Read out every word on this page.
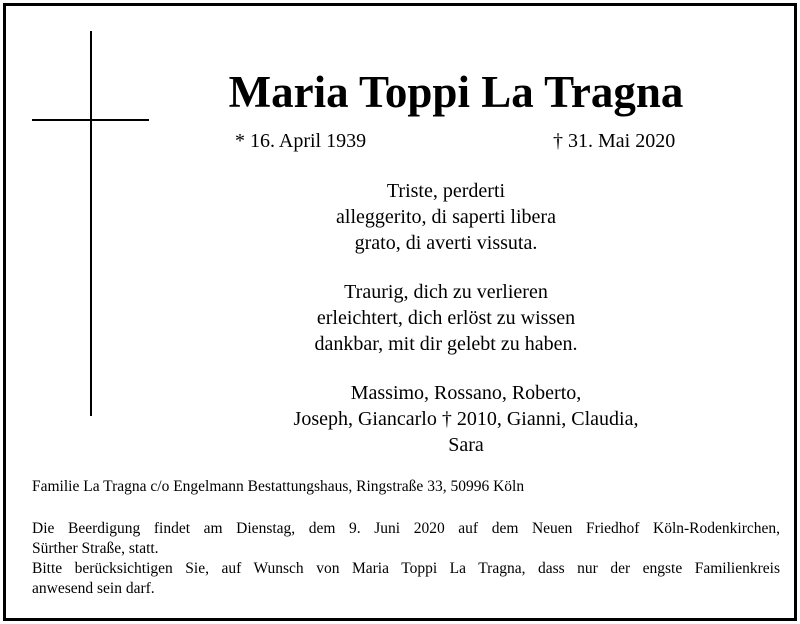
Maria Toppi La Tragna
* 16. April 1939	† 31. Mai 2020
Triste, perderti
alleggerito, di saperti libera
grato, di averti vissuta.
Traurig, dich zu verlieren
erleichtert, dich erlöst zu wissen
dankbar, mit dir gelebt zu haben.
Massimo, Rossano, Roberto,
Joseph, Giancarlo † 2010, Gianni, Claudia,
Sara
Familie La Tragna c/o Engelmann Bestattungshaus, Ringstraße 33, 50996 Köln
Die Beerdigung findet am Dienstag, dem 9. Juni 2020 auf dem Neuen Friedhof Köln-Rodenkirchen,
Sürther Straße, statt.
Bitte berücksichtigen Sie, auf Wunsch von Maria Toppi La Tragna, dass nur der engste Familienkreis
anwesend sein darf.
